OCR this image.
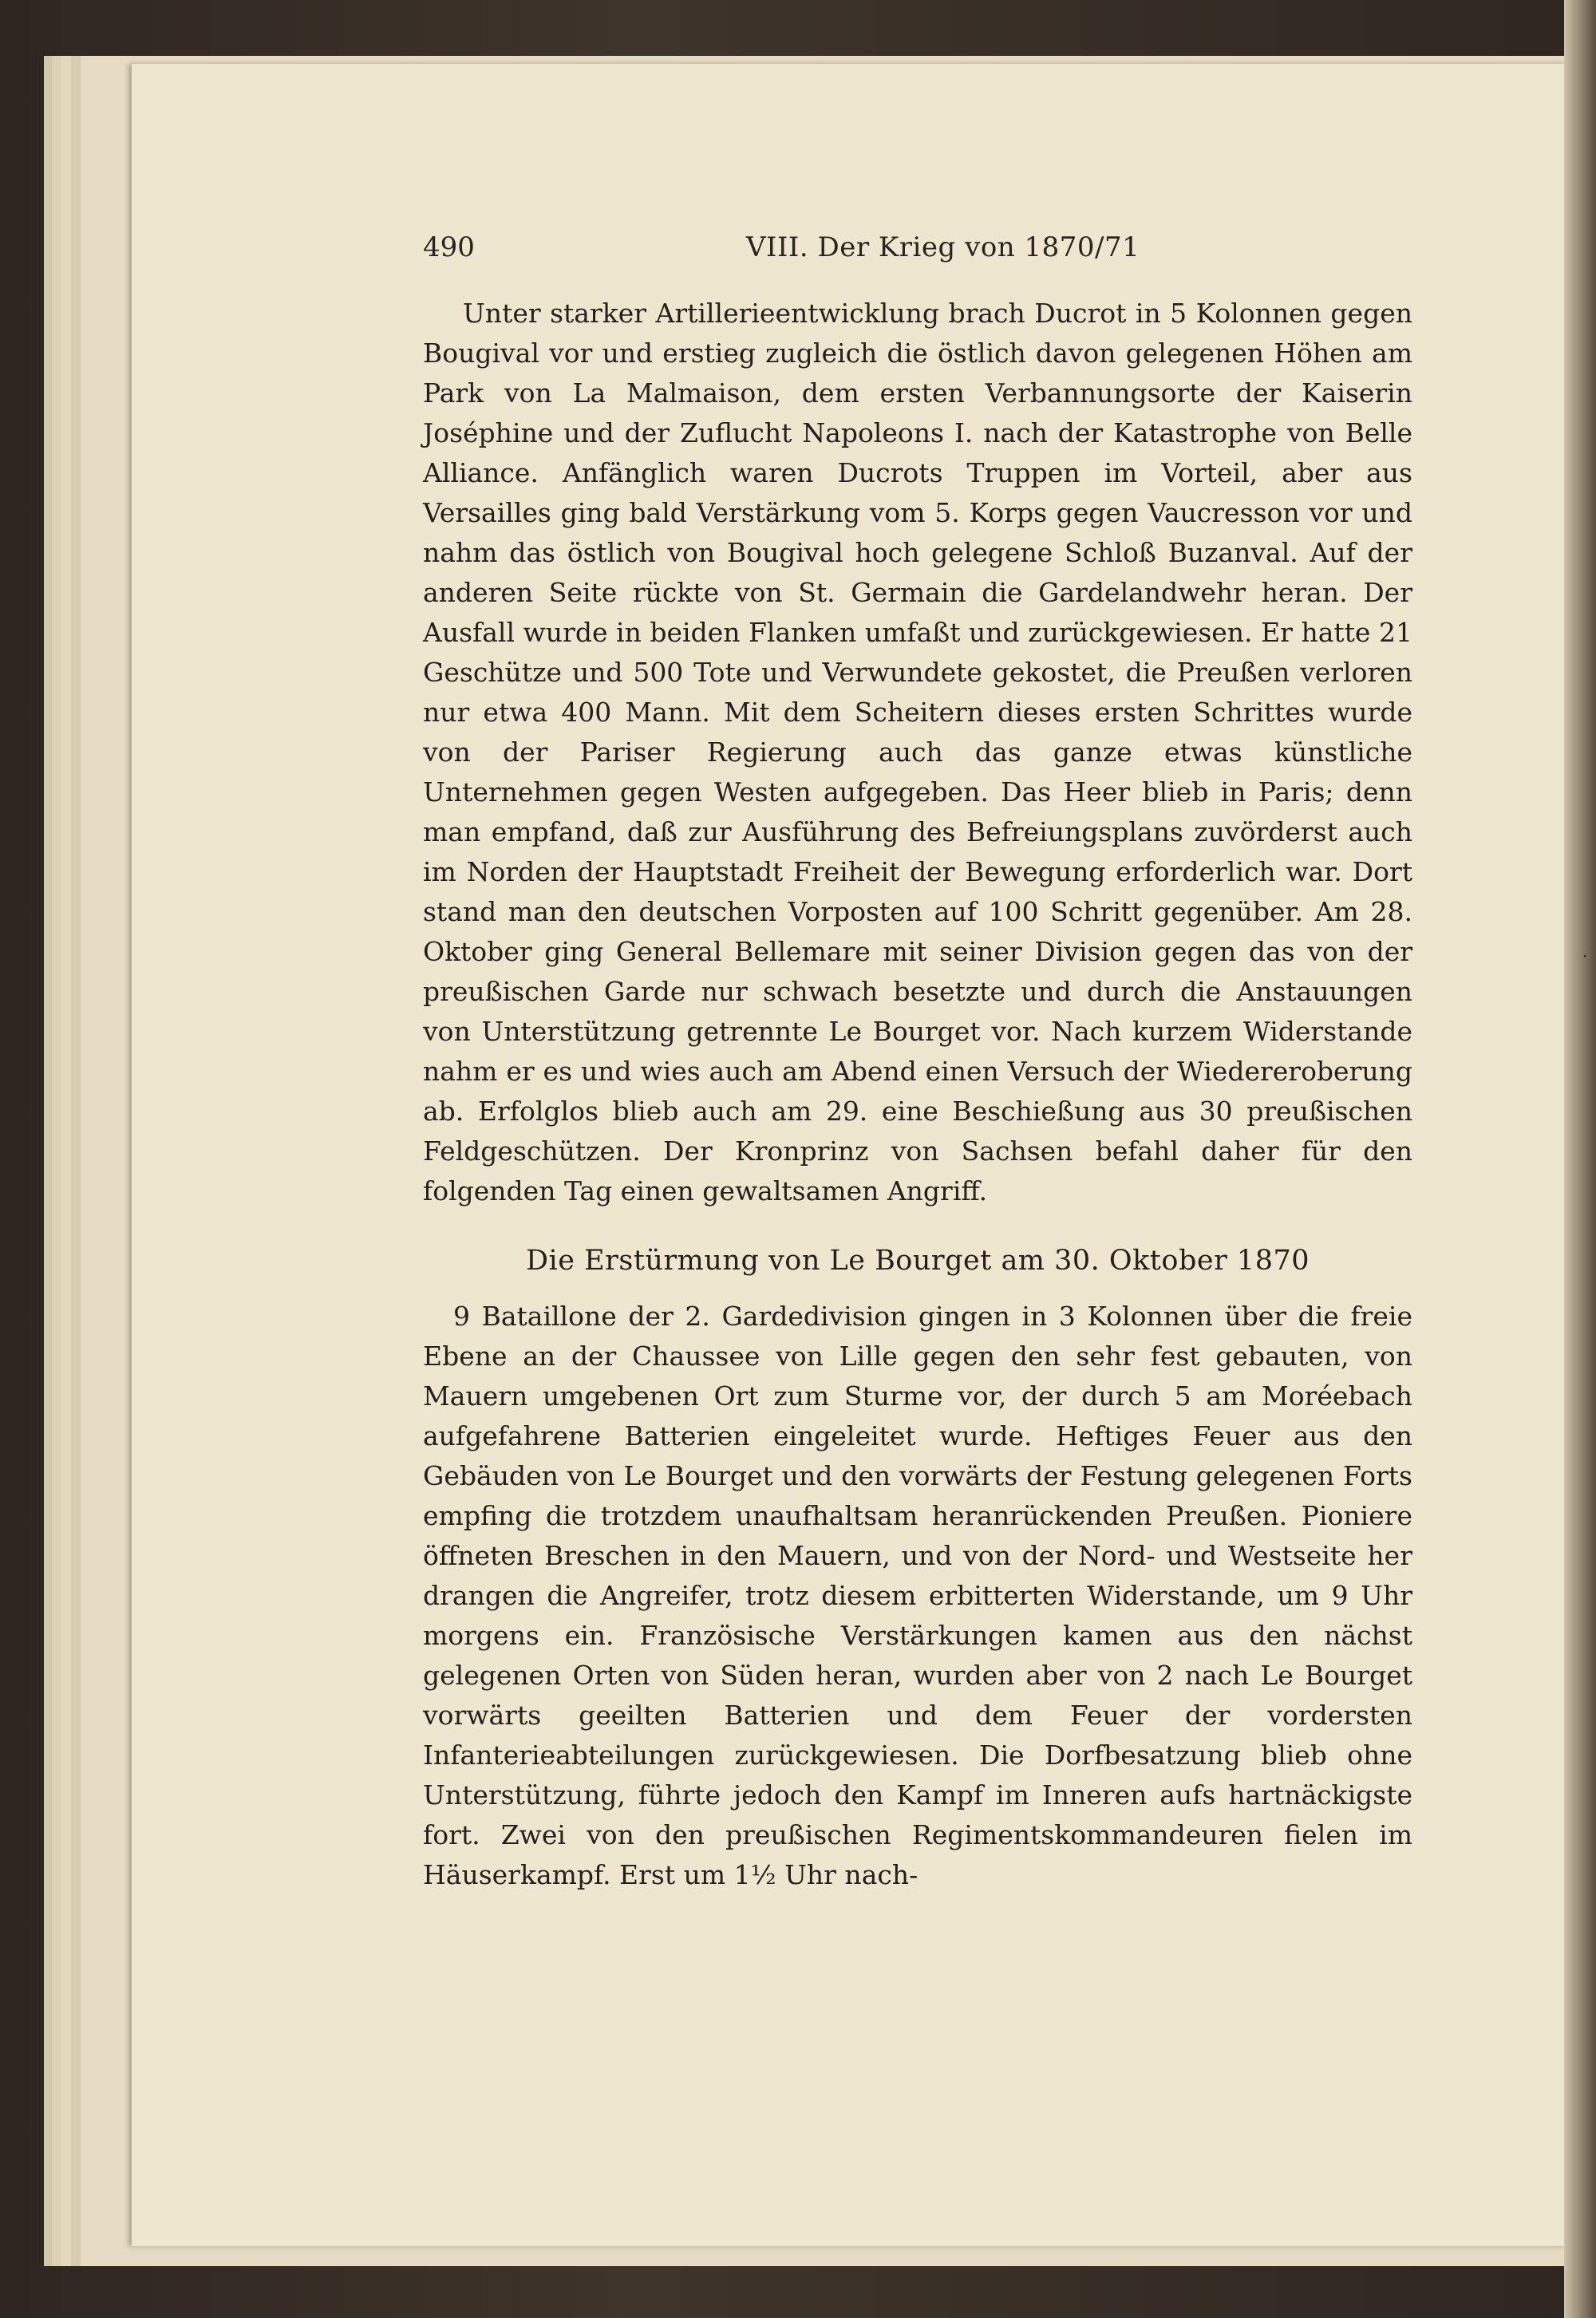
490	VIII. Der Krieg von 1870/71
Unter starker Artillerieentwicklung brach Ducrot in 5 Kolonnen gegen Bougival vor und erstieg zugleich die östlich davon gelegenen Höhen am Park von La Malmaison, dem ersten Verbannungsorte der Kaiserin Joséphine und der Zuflucht Napoleons I. nach der Katastrophe von Belle Alliance. Anfänglich waren Ducrots Truppen im Vorteil, aber aus Versailles ging bald Verstärkung vom 5. Korps gegen Vaucresson vor und nahm das östlich von Bougival hoch gelegene Schloß Buzanval. Auf der anderen Seite rückte von St. Germain die Gardelandwehr heran. Der Ausfall wurde in beiden Flanken umfaßt und zurückgewiesen. Er hatte 21 Geschütze und 500 Tote und Verwundete gekostet, die Preußen verloren nur etwa 400 Mann. Mit dem Scheitern dieses ersten Schrittes wurde von der Pariser Regierung auch das ganze etwas künstliche Unternehmen gegen Westen aufgegeben. Das Heer blieb in Paris; denn man empfand, daß zur Ausführung des Befreiungsplans zuvörderst auch im Norden der Hauptstadt Freiheit der Bewegung erforderlich war. Dort stand man den deutschen Vorposten auf 100 Schritt gegenüber. Am 28. Oktober ging General Bellemare mit seiner Division gegen das von der preußischen Garde nur schwach besetzte und durch die Anstauungen von Unterstützung getrennte Le Bourget vor. Nach kurzem Widerstande nahm er es und wies auch am Abend einen Versuch der Wiedereroberung ab. Erfolglos blieb auch am 29. eine Beschießung aus 30 preußischen Feldgeschützen. Der Kronprinz von Sachsen befahl daher für den folgenden Tag einen gewaltsamen Angriff.
Die Erstürmung von Le Bourget am 30. Oktober 1870
9 Bataillone der 2. Gardedivision gingen in 3 Kolonnen über die freie Ebene an der Chaussee von Lille gegen den sehr fest gebauten, von Mauern umgebenen Ort zum Sturme vor, der durch 5 am Moréebach aufgefahrene Batterien eingeleitet wurde. Heftiges Feuer aus den Gebäuden von Le Bourget und den vorwärts der Festung gelegenen Forts empfing die trotzdem unaufhaltsam heranrückenden Preußen. Pioniere öffneten Breschen in den Mauern, und von der Nord- und Westseite her drangen die Angreifer, trotz diesem erbitterten Widerstande, um 9 Uhr morgens ein. Französische Verstärkungen kamen aus den nächst gelegenen Orten von Süden heran, wurden aber von 2 nach Le Bourget vorwärts geeilten Batterien und dem Feuer der vordersten Infanterieabteilungen zurückgewiesen. Die Dorfbesatzung blieb ohne Unterstützung, führte jedoch den Kampf im Inneren aufs hartnäckigste fort. Zwei von den preußischen Regimentskommandeuren fielen im Häuserkampf. Erst um 1½ Uhr nach-
·
